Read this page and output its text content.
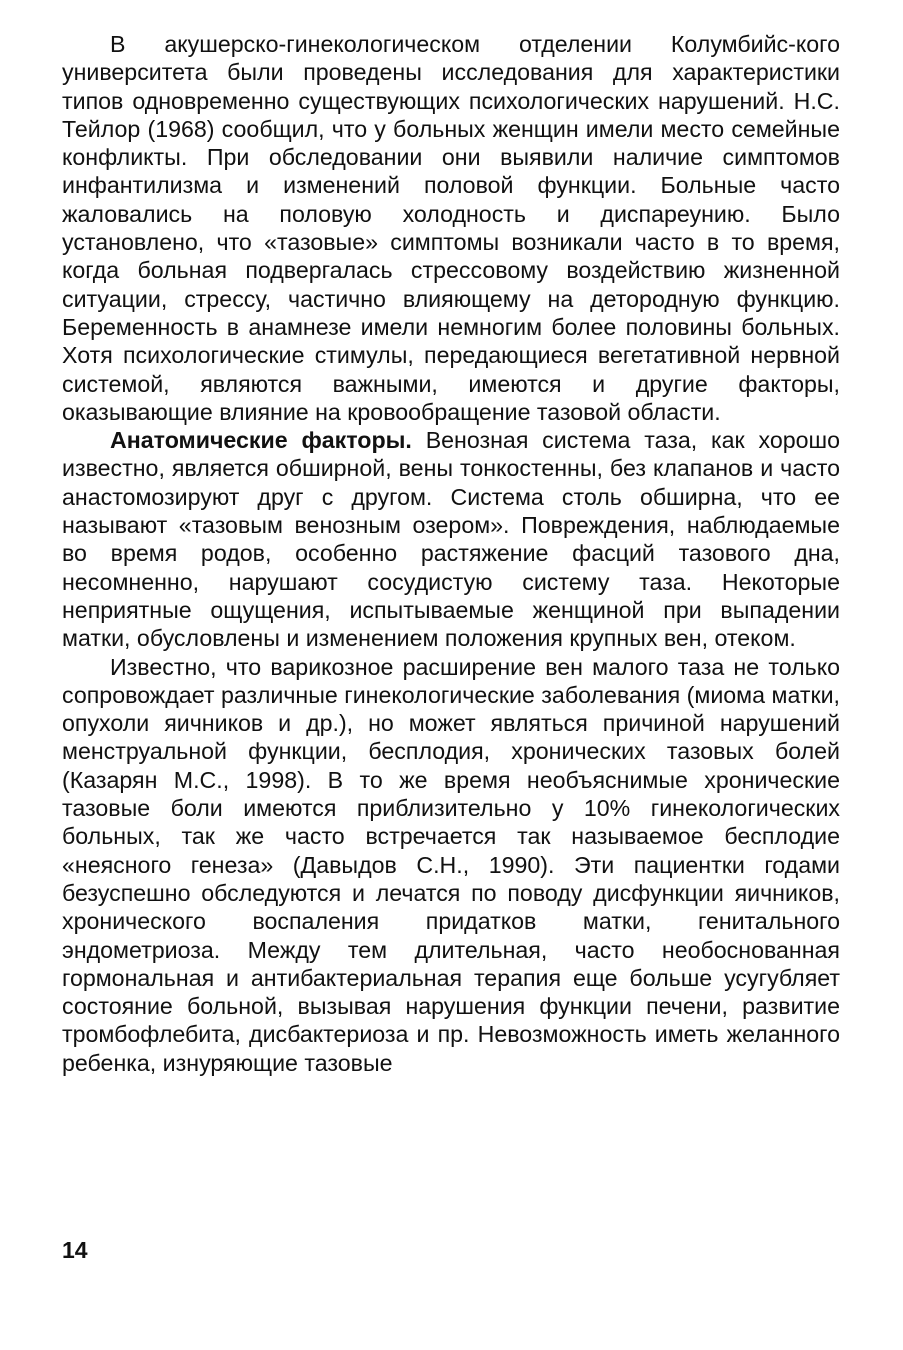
В акушерско-гинекологическом отделении Колумбийс-кого университета были проведены исследования для характеристики типов одновременно существующих психологических нарушений. Н.С. Тейлор (1968) сообщил, что у больных женщин имели место семейные конфликты. При обследовании они выявили наличие симптомов инфантилизма и изменений половой функции. Больные часто жаловались на половую холодность и диспареунию. Было установлено, что «тазовые» симптомы возникали часто в то время, когда больная подвергалась стрессовому воздействию жизненной ситуации, стрессу, частично влияющему на детородную функцию. Беременность в анамнезе имели немногим более половины больных. Хотя психологические стимулы, передающиеся вегетативной нервной системой, являются важными, имеются и другие факторы, оказывающие влияние на кровообращение тазовой области.

Анатомические факторы. Венозная система таза, как хорошо известно, является обширной, вены тонкостенны, без клапанов и часто анастомозируют друг с другом. Система столь обширна, что ее называют «тазовым венозным озером». Повреждения, наблюдаемые во время родов, особенно растяжение фасций тазового дна, несомненно, нарушают сосудистую систему таза. Некоторые неприятные ощущения, испытываемые женщиной при выпадении матки, обусловлены и изменением положения крупных вен, отеком.

Известно, что варикозное расширение вен малого таза не только сопровождает различные гинекологические заболевания (миома матки, опухоли яичников и др.), но может являться причиной нарушений менструальной функции, бесплодия, хронических тазовых болей (Казарян М.С., 1998). В то же время необъяснимые хронические тазовые боли имеются приблизительно у 10% гинекологических больных, так же часто встречается так называемое бесплодие «неясного генеза» (Давыдов С.Н., 1990). Эти пациентки годами безуспешно обследуются и лечатся по поводу дисфункции яичников, хронического воспаления придатков матки, генитального эндометриоза. Между тем длительная, часто необоснованная гормональная и антибактериальная терапия еще больше усугубляет состояние больной, вызывая нарушения функции печени, развитие тромбофлебита, дисбактериоза и пр. Невозможность иметь желанного ребенка, изнуряющие тазовые

14
